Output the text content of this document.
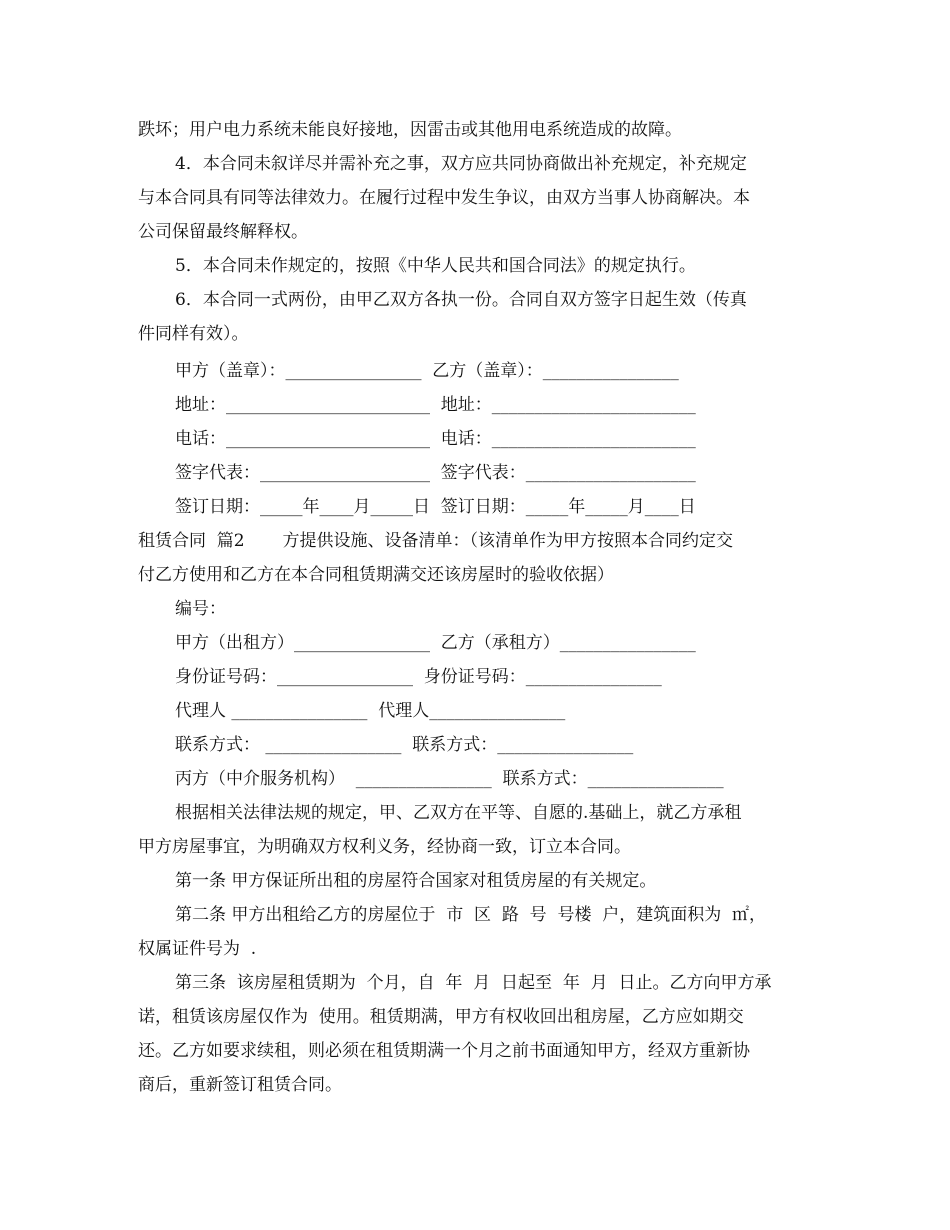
跌坏；用户电力系统未能良好接地，因雷击或其他用电系统造成的故障。
4．本合同未叙详尽并需补充之事，双方应共同协商做出补充规定，补充规定
与本合同具有同等法律效力。在履行过程中发生争议，由双方当事人协商解决。本
公司保留最终解释权。
5．本合同未作规定的，按照《中华人民共和国合同法》的规定执行。
6．本合同一式两份，由甲乙双方各执一份。合同自双方签字日起生效（传真
件同样有效）。
甲方（盖章）：________________  乙方（盖章）：________________
地址：________________________  地址：________________________
电话：________________________  电话：________________________
签字代表：____________________  签字代表：____________________
签订日期：_____年____月_____日  签订日期：_____年_____月____日
租赁合同  篇2       方提供设施、设备清单：（该清单作为甲方按照本合同约定交
付乙方使用和乙方在本合同租赁期满交还该房屋时的验收依据）
编号：
甲方（出租方）________________  乙方（承租方）________________
身份证号码：________________  身份证号码：________________
代理人 ________________  代理人________________
联系方式： ________________  联系方式：________________
丙方（中介服务机构）  ________________  联系方式：________________
根据相关法律法规的规定，甲、乙双方在平等、自愿的.基础上，就乙方承租
甲方房屋事宜，为明确双方权利义务，经协商一致，订立本合同。
第一条 甲方保证所出租的房屋符合国家对租赁房屋的有关规定。
第二条 甲方出租给乙方的房屋位于  市  区  路  号  号楼  户，建筑面积为  ㎡，
权属证件号为  .
第三条  该房屋租赁期为  个月，自  年  月  日起至  年  月  日止。乙方向甲方承
诺，租赁该房屋仅作为  使用。租赁期满，甲方有权收回出租房屋，乙方应如期交
还。乙方如要求续租，则必须在租赁期满一个月之前书面通知甲方，经双方重新协
商后，重新签订租赁合同。
